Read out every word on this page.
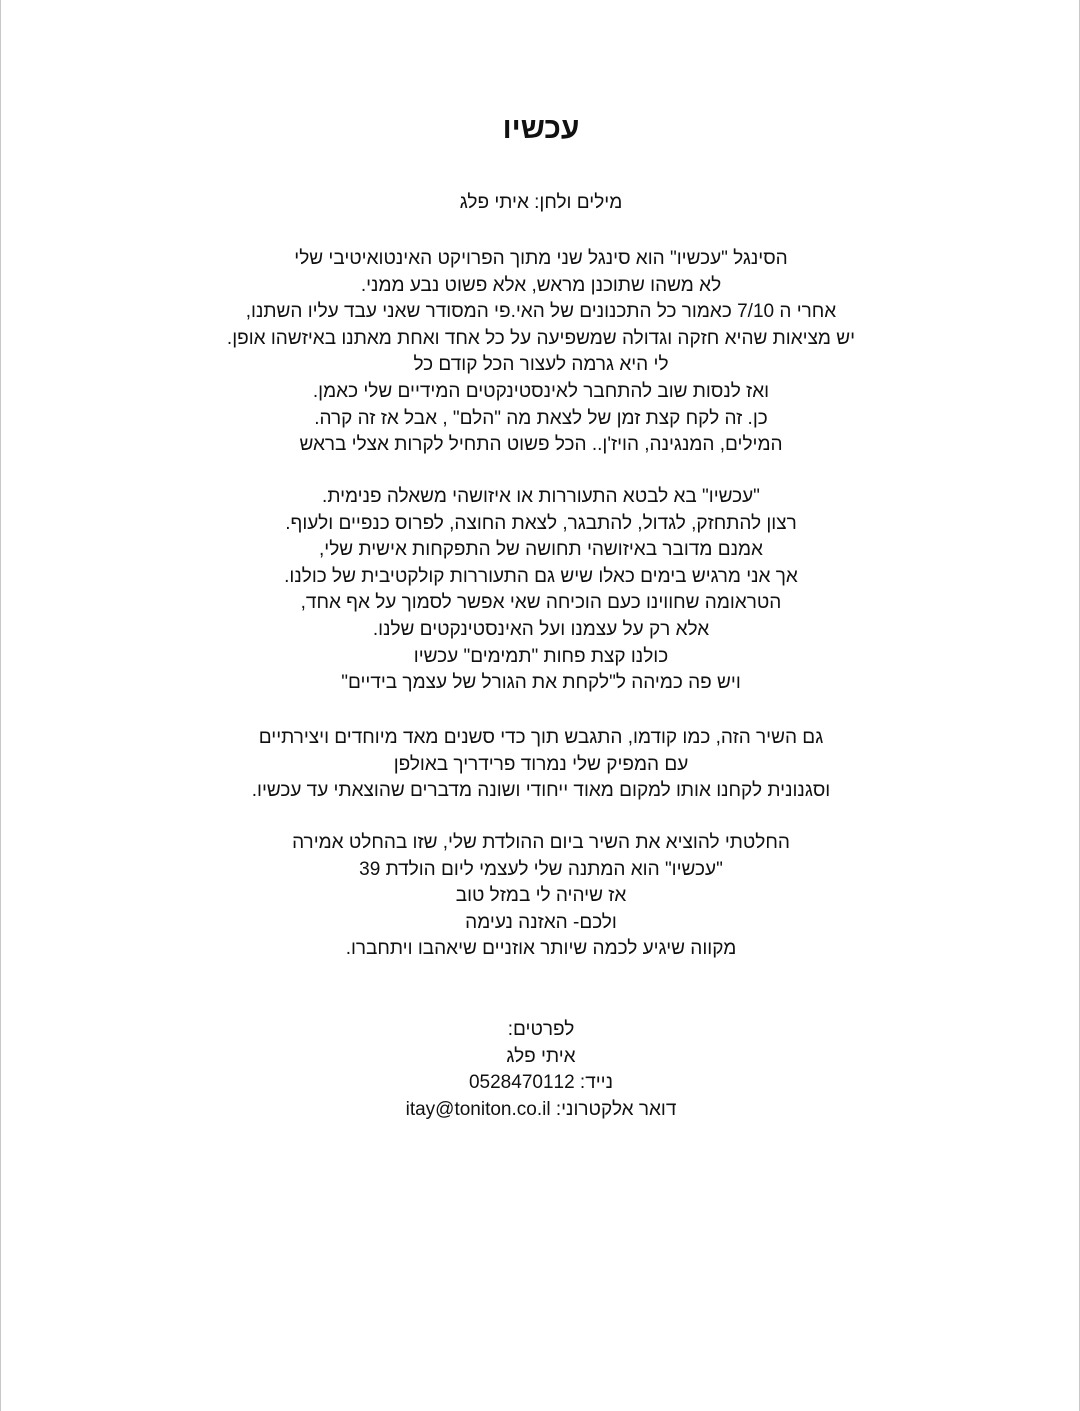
עכשיו
מילים ולחן: איתי פלג
הסינגל "עכשיו" הוא סינגל שני מתוך הפרויקט האינטואיטיבי שלי
לא משהו שתוכנן מראש, אלא פשוט נבע ממני.
אחרי ה 7/10 כאמור כל התכנונים של האי.פי המסודר שאני עבד עליו השתנו,
יש מציאות שהיא חזקה וגדולה שמשפיעה על כל אחד ואחת מאתנו באיזשהו אופן.
לי היא גרמה לעצור הכל קודם כל
ואז לנסות שוב להתחבר לאינסטינקטים המידיים שלי כאמן.
כן. זה לקח קצת זמן של לצאת מה "הלם" , אבל אז זה קרה.
המילים, המנגינה, הויז'ן.. הכל פשוט התחיל לקרות אצלי בראש
"עכשיו" בא לבטא התעוררות או איזושהי משאלה פנימית.
רצון להתחזק, לגדול, להתבגר, לצאת החוצה, לפרוס כנפיים ולעוף.
אמנם מדובר באיזושהי תחושה של התפקחות אישית שלי,
אך אני מרגיש בימים כאלו שיש גם התעוררות קולקטיבית של כולנו.
הטראומה שחווינו כעם הוכיחה שאי אפשר לסמוך על אף אחד,
אלא רק על עצמנו ועל האינסטינקטים שלנו.
כולנו קצת פחות "תמימים" עכשיו
ויש פה כמיהה ל"לקחת את הגורל של עצמך בידיים"
גם השיר הזה, כמו קודמו, התגבש תוך כדי סשנים מאד מיוחדים ויצירתיים
עם המפיק שלי נמרוד פרידריך באולפן
וסגנונית לקחנו אותו למקום מאוד ייחודי ושונה מדברים שהוצאתי עד עכשיו.
החלטתי להוציא את השיר ביום ההולדת שלי, שזו בהחלט אמירה
"עכשיו" הוא המתנה שלי לעצמי ליום הולדת 39
אז שיהיה לי במזל טוב
ולכם- האזנה נעימה
מקווה שיגיע לכמה שיותר אוזניים שיאהבו ויתחברו.
לפרטים:
איתי פלג
נייד: 0528470112
דואר אלקטרוני: itay@toniton.co.il
